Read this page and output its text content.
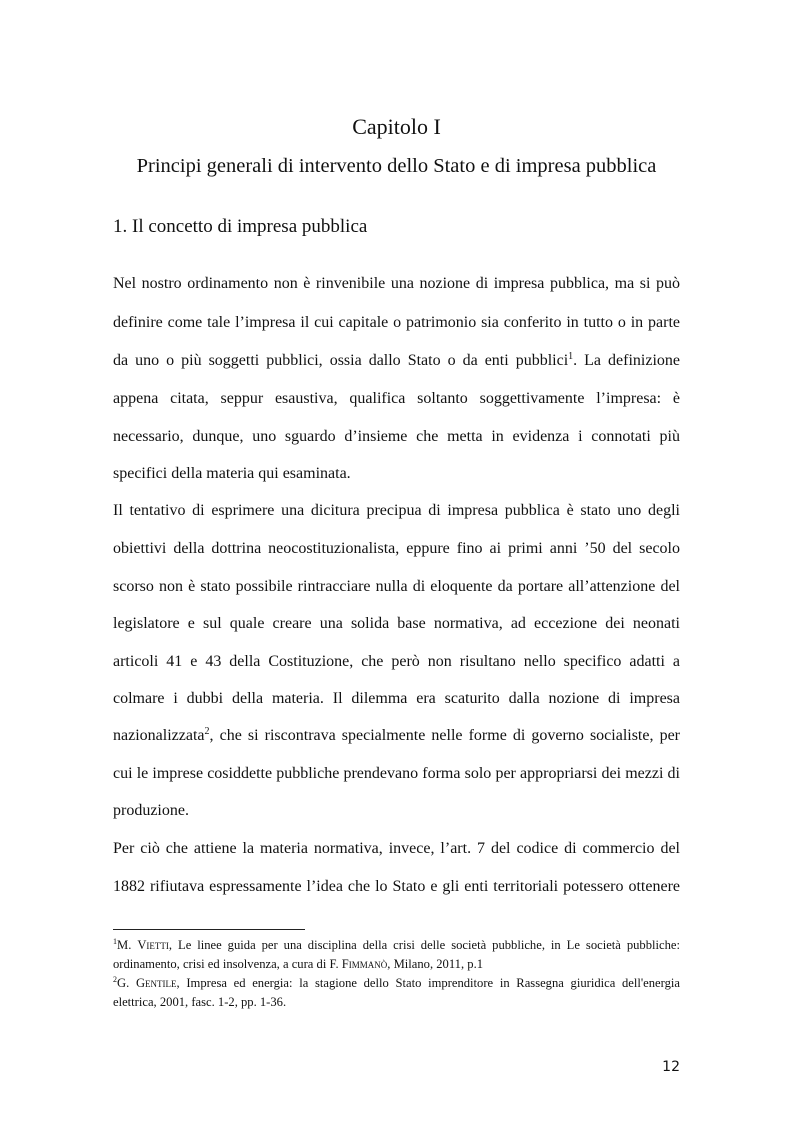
Capitolo I
Principi generali di intervento dello Stato e di impresa pubblica
1. Il concetto di impresa pubblica
Nel nostro ordinamento non è rinvenibile una nozione di impresa pubblica, ma si può
definire come tale l’impresa il cui capitale o patrimonio sia conferito in tutto o in parte
da uno o più soggetti pubblici, ossia dallo Stato o da enti pubblici$^1$. La definizione
appena citata, seppur esaustiva, qualifica soltanto soggettivamente l’impresa: è
necessario, dunque, uno sguardo d’insieme che metta in evidenza i connotati più
specifici della materia qui esaminata.
Il tentativo di esprimere una dicitura precipua di impresa pubblica è stato uno degli
obiettivi della dottrina neocostituzionalista, eppure fino ai primi anni ’50 del secolo
scorso non è stato possibile rintracciare nulla di eloquente da portare all’attenzione del
legislatore e sul quale creare una solida base normativa, ad eccezione dei neonati
articoli 41 e 43 della Costituzione, che però non risultano nello specifico adatti a
colmare i dubbi della materia. Il dilemma era scaturito dalla nozione di impresa
nazionalizzata$^2$, che si riscontrava specialmente nelle forme di governo socialiste, per
cui le imprese cosiddette pubbliche prendevano forma solo per appropriarsi dei mezzi di
produzione.
Per ciò che attiene la materia normativa, invece, l’art. 7 del codice di commercio del
1882 rifiutava espressamente l’idea che lo Stato e gli enti territoriali potessero ottenere
$^1$M. Vietti, Le linee guida per una disciplina della crisi delle società pubbliche, in Le società pubbliche:
ordinamento, crisi ed insolvenza, a cura di F. Fimmanò, Milano, 2011, p.1
$^2$G. Gentile, Impresa ed energia: la stagione dello Stato imprenditore in Rassegna giuridica dell'energia
elettrica, 2001, fasc. 1-2, pp. 1-36.
12
